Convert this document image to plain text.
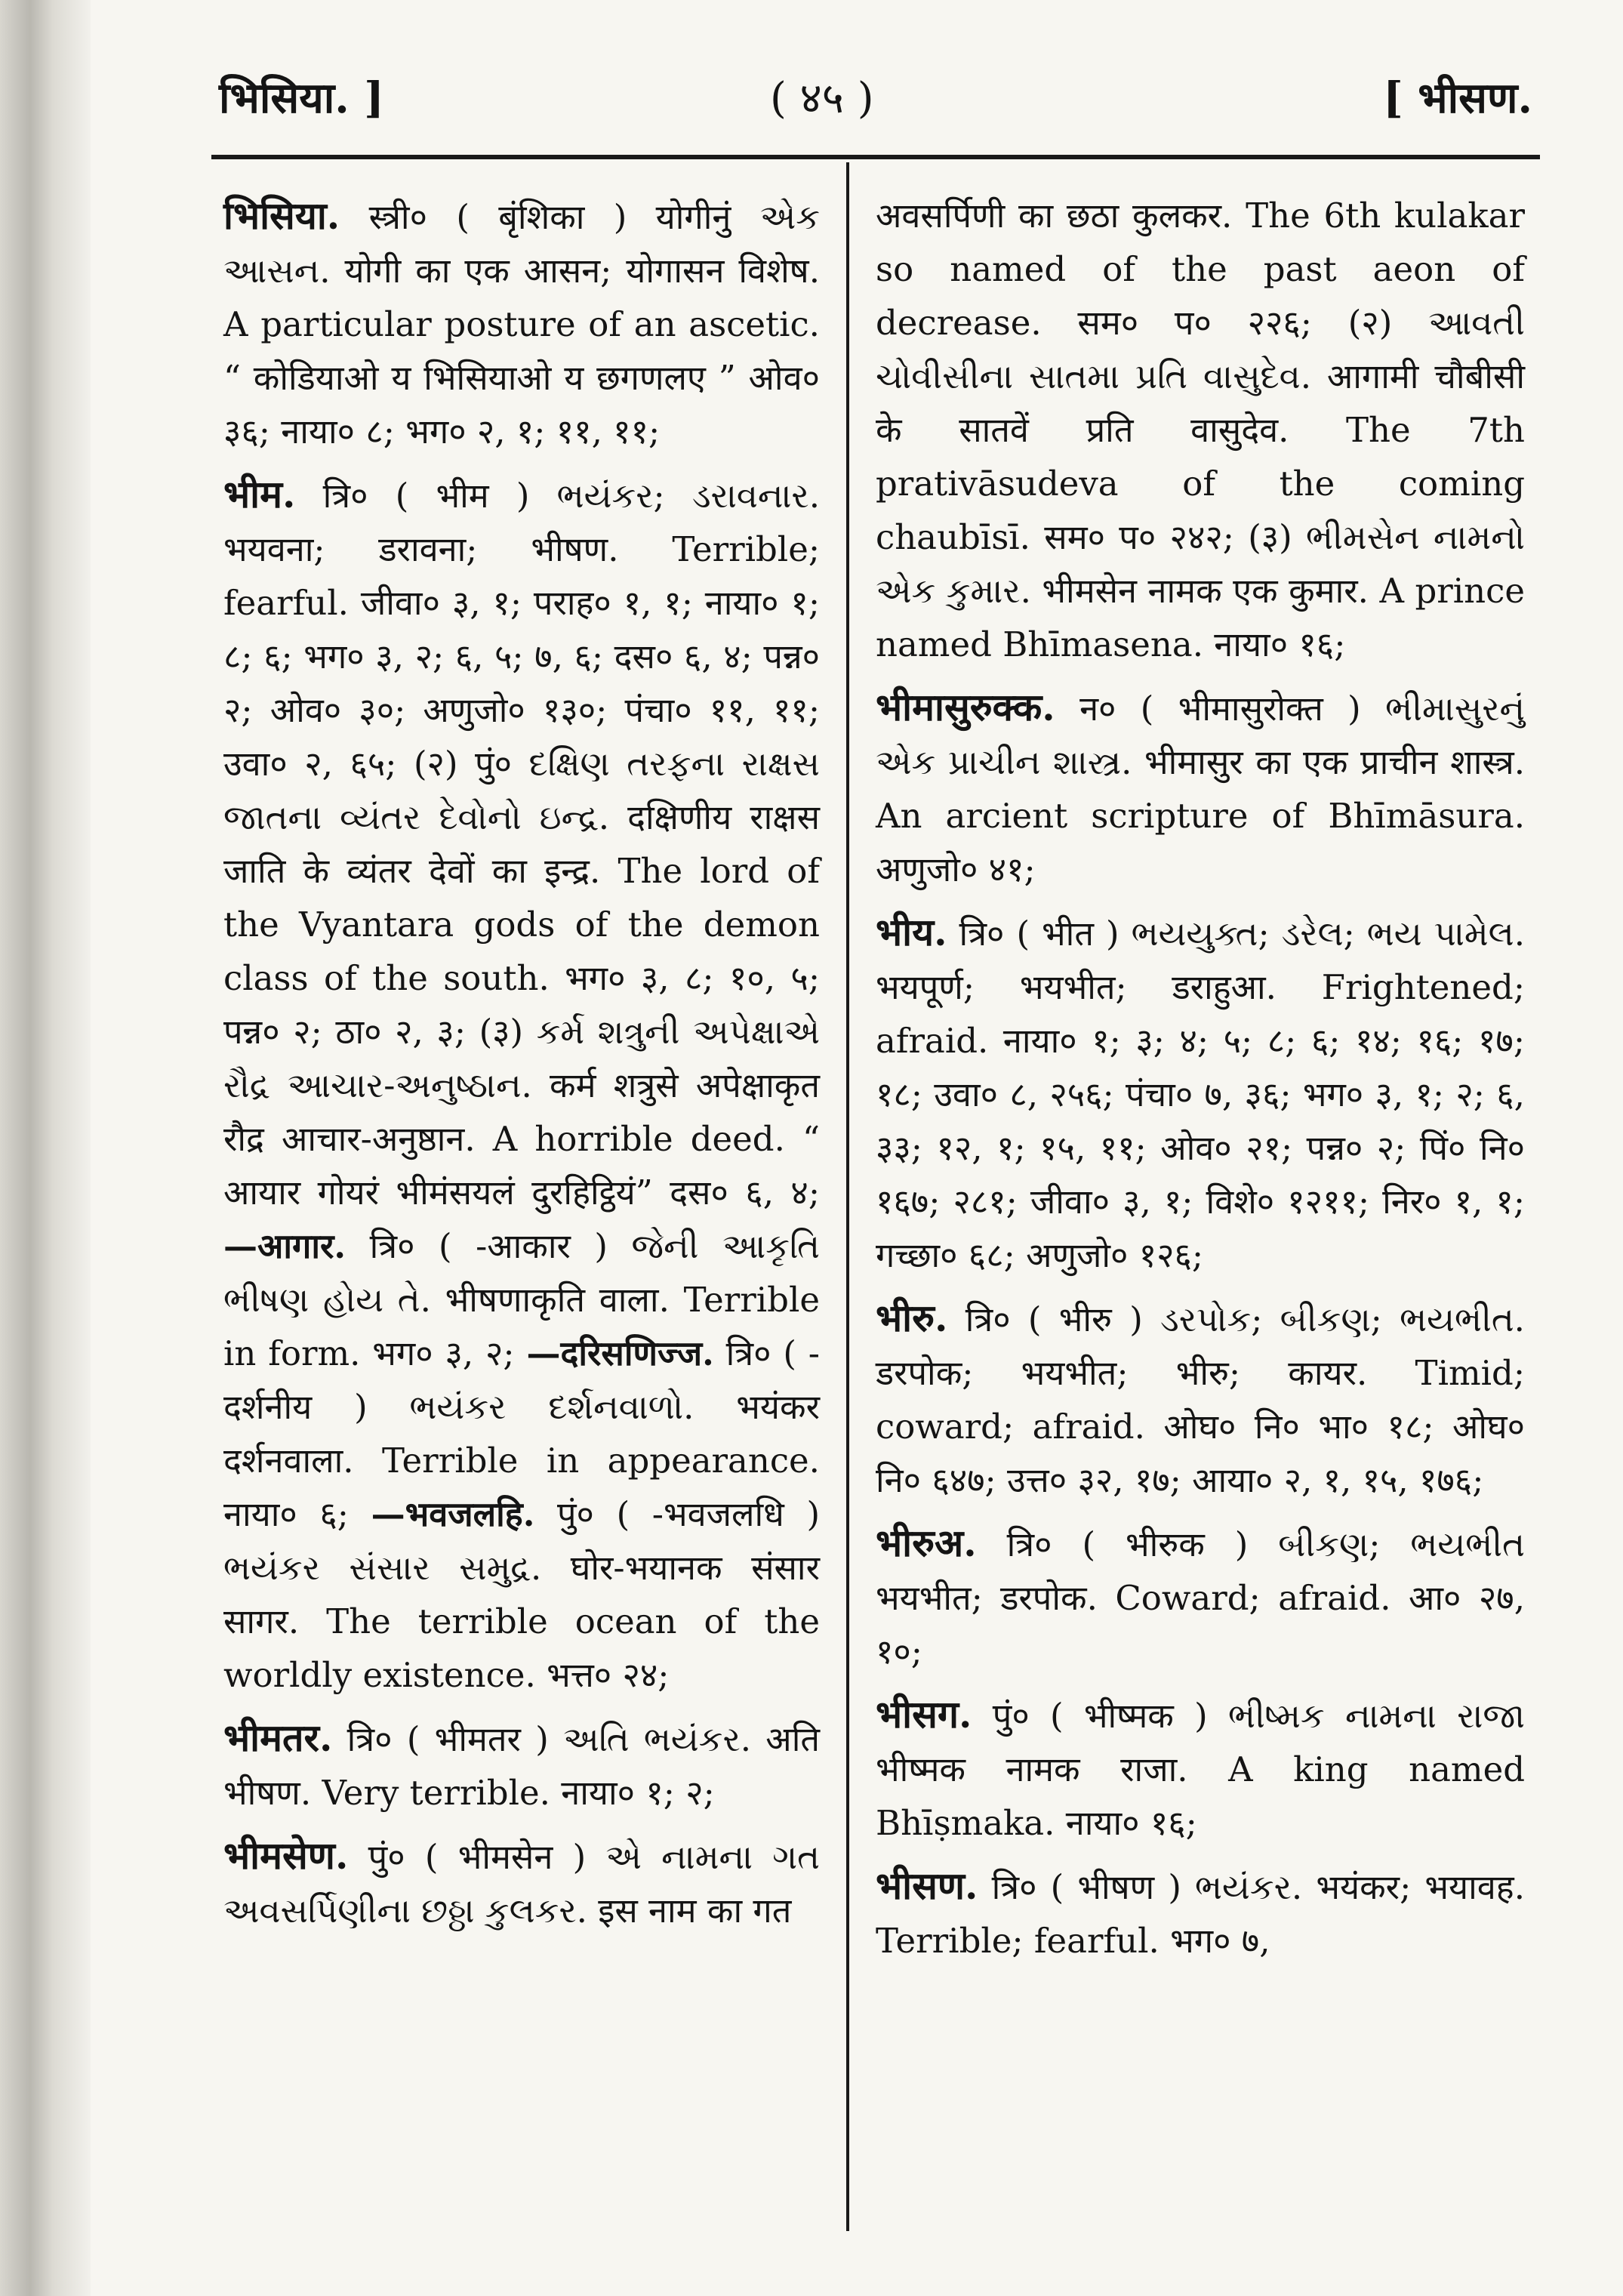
भिसिया. ]	( ४५ )	[ भीसण.

भिसिया. स्त्री० ( बृंशिका ) योगीनुं એક આસન. योगी का एक आसन; योगासन विशेष. A particular posture of an ascetic. “ कोडियाओ य भिसियाओ य छगणलए ” ओव० ३६; नाया० ८; भग० २, १; ११, ११;

भीम. त्रि० ( भीम ) ભયંકર; ડરાવનાર. भयवना; डरावना; भीषण. Terrible; fearful. जीवा० ३, १; पराह० १, १; नाया० १; ८; ६; भग० ३, २; ६, ५; ७, ६; दस० ६, ४; पन्न० २; ओव० ३०; अणुजो० १३०; पंचा० ११, ११; उवा० २, ६५; (२) पुं० દક્ષિણ તરફના રાક્ષસ જાતના વ્યંતર દેવોનો ઇન્દ્ર. दक्षिणीय राक्षस जाति के व्यंतर देवों का इन्द्र. The lord of the Vyantara gods of the demon class of the south. भग० ३, ८; १०, ५; पन्न० २; ठा० २, ३; (३) કર્મ શત્રુની અપેક્ષાએ રૌદ્ર આચાર-અનુષ્ઠાન. कर्म शत्रुसे अपेक्षाकृत रौद्र आचार-अनुष्ठान. A horrible deed. “ आयार गोयरं भीमंसयलं दुरहिट्ठियं” दस० ६, ४; —आगार. त्रि० ( -आकार ) જેની આકૃતિ ભીષણ હોય તે. भीषणाकृति वाला. Terrible in form. भग० ३, २; —दरिसणिज्ज. त्रि० ( -दर्शनीय ) ભયંકર દર્શનવાળો. भयंकर दर्शनवाला. Terrible in appearance. नाया० ६; —भवजलहि. पुं० ( -भवजलधि ) ભયંકર સંસાર સમુદ્ર. घोर-भयानक संसार सागर. The terrible ocean of the worldly existence. भत्त० २४;

भीमतर. त्रि० ( भीमतर ) અતિ ભયંકર. अति भीषण. Very terrible. नाया० १; २;

भीमसेण. पुं० ( भीमसेन ) એ નામના ગત અવસર્પિણીના છઠ્ઠા કુલકર. इस नाम का गत

अवसर्पिणी का छठा कुलकर. The 6th kulakar so named of the past aeon of decrease. सम० प० २२६; (२) આવતી ચોવીસીના સાતમા પ્રતિ વાસુદેવ. आगामी चौबीसी के सातवें प्रति वासुदेव. The 7th prativāsudeva of the coming chaubīsī. सम० प० २४२; (३) ભીમસેન નામનો એક કુમાર. भीमसेन नामक एक कुमार. A prince named Bhīmasena. नाया० १६;

भीमासुरुक्क. न० ( भीमासुरोक्त ) ભીમાસુરનું એક પ્રાચીન શાસ્ત્ર. भीमासुर का एक प्राचीन शास्त्र. An arcient scripture of Bhīmāsura. अणुजो० ४१;

भीय. त्रि० ( भीत ) ભયયુક્ત; ડરેલ; ભય પામેલ. भयपूर्ण; भयभीत; डराहुआ. Frightened; afraid. नाया० १; ३; ४; ५; ८; ६; १४; १६; १७; १८; उवा० ८, २५६; पंचा० ७, ३६; भग० ३, १; २; ६, ३३; १२, १; १५, ११; ओव० २१; पन्न० २; पिं० नि० १६७; २८१; जीवा० ३, १; विशे० १२११; निर० १, १; गच्छा० ६८; अणुजो० १२६;

भीरु. त्रि० ( भीरु ) ડરપોક; બીકણ; ભયભીત. डरपोक; भयभीत; भीरु; कायर. Timid; coward; afraid. ओघ० नि० भा० १८; ओघ० नि० ६४७; उत्त० ३२, १७; आया० २, १, १५, १७६;

भीरुअ. त्रि० ( भीरुक ) બીકણ; ભયભીત भयभीत; डरपोक. Coward; afraid. आ० २७, १०;

भीसग. पुं० ( भीष्मक ) ભીષ્મક નામના રાજા भीष्मक नामक राजा. A king named Bhīṣmaka. नाया० १६;

भीसण. त्रि० ( भीषण ) ભયંકર. भयंकर; भयावह. Terrible; fearful. भग० ७,
